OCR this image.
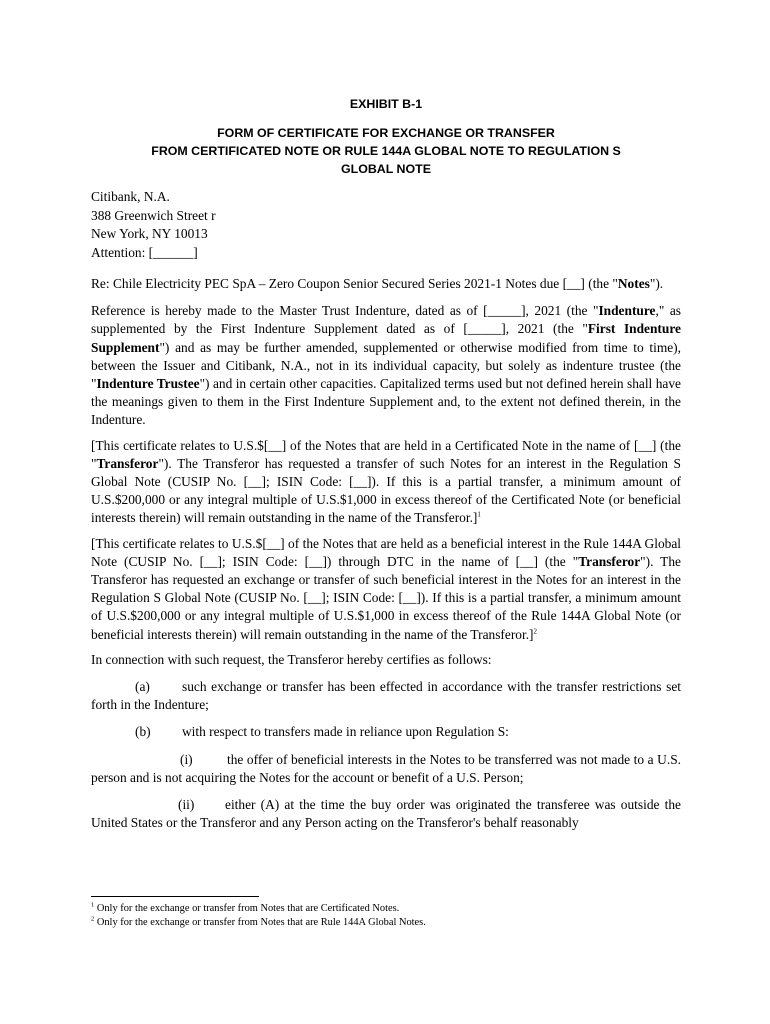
EXHIBIT B-1
FORM OF CERTIFICATE FOR EXCHANGE OR TRANSFER
FROM CERTIFICATED NOTE OR RULE 144A GLOBAL NOTE TO REGULATION S
GLOBAL NOTE
Citibank, N.A.
388 Greenwich Street r
New York, NY 10013
Attention: [______]

Re: Chile Electricity PEC SpA – Zero Coupon Senior Secured Series 2021-1 Notes due [__] (the "Notes").

Reference is hereby made to the Master Trust Indenture, dated as of [_____], 2021 (the "Indenture," as supplemented by the First Indenture Supplement dated as of [_____], 2021 (the "First Indenture Supplement") and as may be further amended, supplemented or otherwise modified from time to time), between the Issuer and Citibank, N.A., not in its individual capacity, but solely as indenture trustee (the "Indenture Trustee") and in certain other capacities. Capitalized terms used but not defined herein shall have the meanings given to them in the First Indenture Supplement and, to the extent not defined therein, in the Indenture.

[This certificate relates to U.S.$[__] of the Notes that are held in a Certificated Note in the name of [__] (the "Transferor"). The Transferor has requested a transfer of such Notes for an interest in the Regulation S Global Note (CUSIP No. [__]; ISIN Code: [__]). If this is a partial transfer, a minimum amount of U.S.$200,000 or any integral multiple of U.S.$1,000 in excess thereof of the Certificated Note (or beneficial interests therein) will remain outstanding in the name of the Transferor.]$^1$

[This certificate relates to U.S.$[__] of the Notes that are held as a beneficial interest in the Rule 144A Global Note (CUSIP No. [__]; ISIN Code: [__]) through DTC in the name of [__] (the "Transferor"). The Transferor has requested an exchange or transfer of such beneficial interest in the Notes for an interest in the Regulation S Global Note (CUSIP No. [__]; ISIN Code: [__]). If this is a partial transfer, a minimum amount of U.S.$200,000 or any integral multiple of U.S.$1,000 in excess thereof of the Rule 144A Global Note (or beneficial interests therein) will remain outstanding in the name of the Transferor.]$^2$

In connection with such request, the Transferor hereby certifies as follows:

(a) such exchange or transfer has been effected in accordance with the transfer restrictions set forth in the Indenture;

(b) with respect to transfers made in reliance upon Regulation S:

(i)	the offer of beneficial interests in the Notes to be transferred was not made to a U.S. person and is not acquiring the Notes for the account or benefit of a U.S. Person;

(ii) either (A) at the time the buy order was originated the transferee was outside the United States or the Transferor and any Person acting on the Transferor's behalf reasonably

$^1$ Only for the exchange or transfer from Notes that are Certificated Notes.
$^2$ Only for the exchange or transfer from Notes that are Rule 144A Global Notes.
